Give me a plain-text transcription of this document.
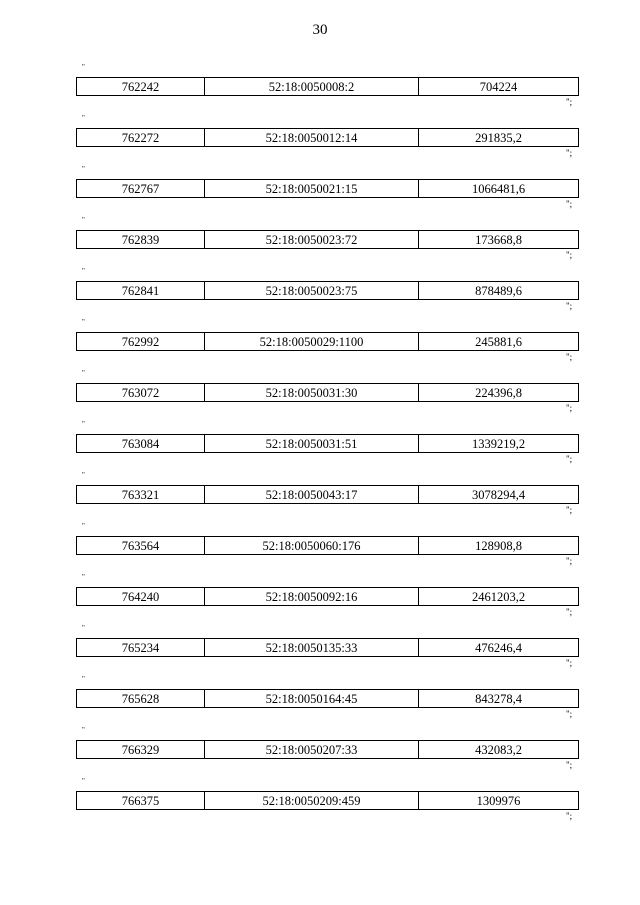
30
"
762242	52:18:0050008:2	704224
";
"
762272	52:18:0050012:14	291835,2
";
"
762767	52:18:0050021:15	1066481,6
";
"
762839	52:18:0050023:72	173668,8
";
"
762841	52:18:0050023:75	878489,6
";
"
762992	52:18:0050029:1100	245881,6
";
"
763072	52:18:0050031:30	224396,8
";
"
763084	52:18:0050031:51	1339219,2
";
"
763321	52:18:0050043:17	3078294,4
";
"
763564	52:18:0050060:176	128908,8
";
"
764240	52:18:0050092:16	2461203,2
";
"
765234	52:18:0050135:33	476246,4
";
"
765628	52:18:0050164:45	843278,4
";
"
766329	52:18:0050207:33	432083,2
";
"
766375	52:18:0050209:459	1309976
";
